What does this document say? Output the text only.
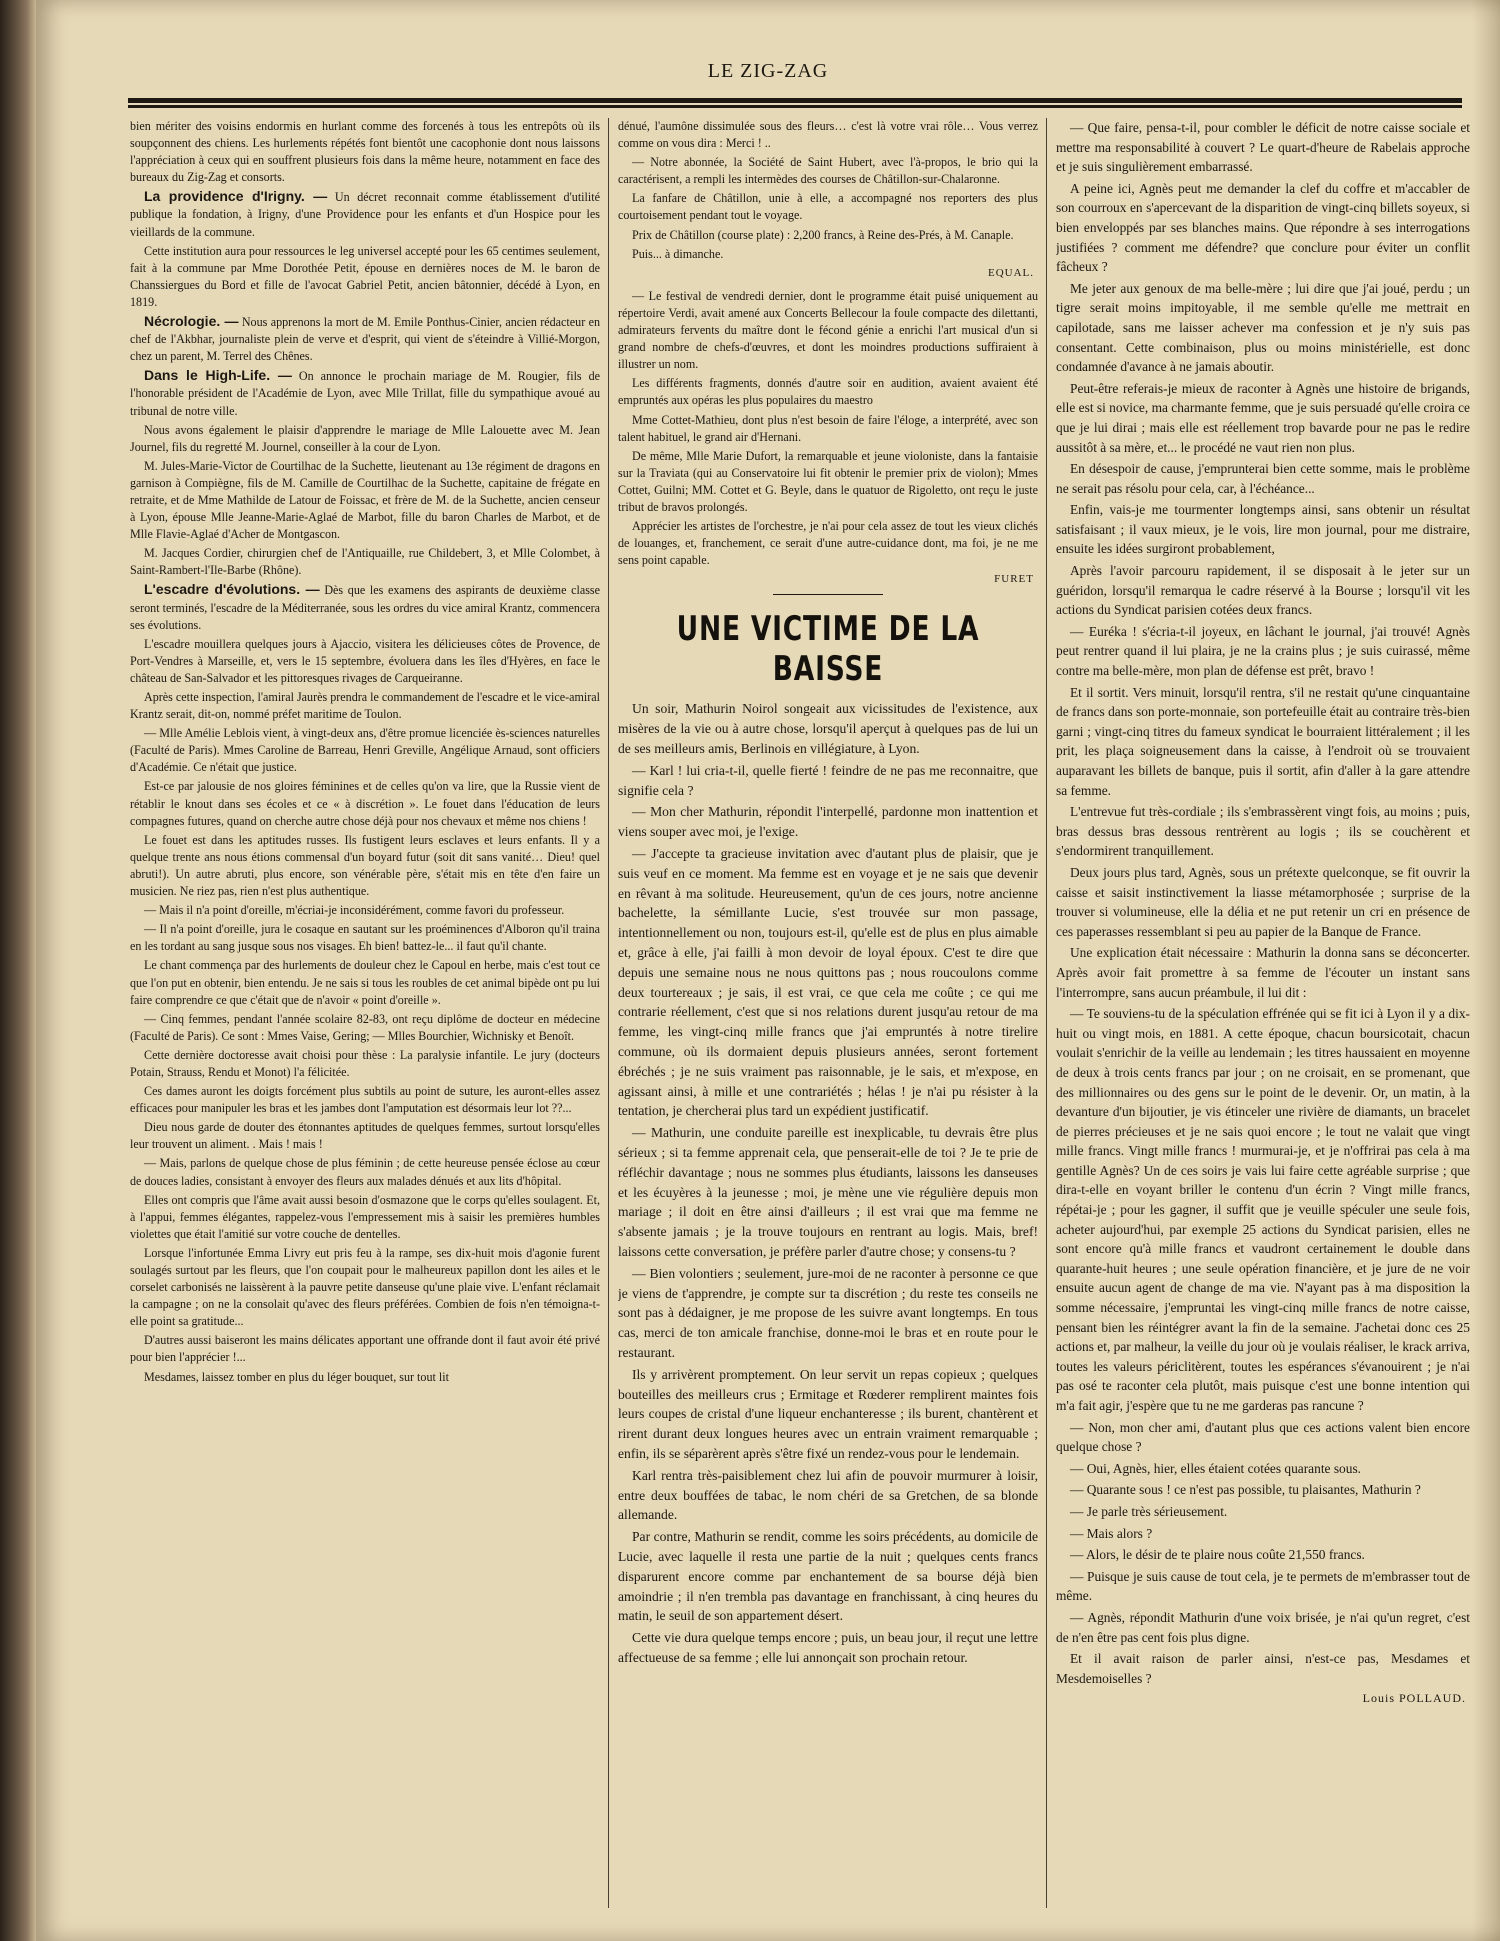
LE ZIG-ZAG

bien mériter des voisins endormis en hurlant comme des forcenés à tous les entrepôts où ils soupçonnent des chiens. Les hurlements répétés font bientôt une cacophonie dont nous laissons l'appréciation à ceux qui en souffrent plusieurs fois dans la même heure, notamment en face des bureaux du Zig-Zag et consorts.

La providence d'Irigny. — Un décret reconnait comme établissement d'utilité publique la fondation, à Irigny, d'une Providence pour les enfants et d'un Hospice pour les vieillards de la commune.

Cette institution aura pour ressources le leg universel accepté pour les 65 centimes seulement, fait à la commune par Mme Dorothée Petit, épouse en dernières noces de M. le baron de Chanssiergues du Bord et fille de l'avocat Gabriel Petit, ancien bâtonnier, décédé à Lyon, en 1819.

Nécrologie. — Nous apprenons la mort de M. Emile Ponthus-Cinier, ancien rédacteur en chef de l'Akbhar, journaliste plein de verve et d'esprit, qui vient de s'éteindre à Villié-Morgon, chez un parent, M. Terrel des Chênes.

Dans le High-Life. — On annonce le prochain mariage de M. Rougier, fils de l'honorable président de l'Académie de Lyon, avec Mlle Trillat, fille du sympathique avoué au tribunal de notre ville.

Nous avons également le plaisir d'apprendre le mariage de Mlle Lalouette avec M. Jean Journel, fils du regretté M. Journel, conseiller à la cour de Lyon.

M. Jules-Marie-Victor de Courtilhac de la Suchette, lieutenant au 13e régiment de dragons en garnison à Compiègne, fils de M. Camille de Courtilhac de la Suchette, capitaine de frégate en retraite, et de Mme Mathilde de Latour de Foissac, et frère de M. de la Suchette, ancien censeur à Lyon, épouse Mlle Jeanne-Marie-Aglaé de Marbot, fille du baron Charles de Marbot, et de Mlle Flavie-Aglaé d'Acher de Montgascon.

M. Jacques Cordier, chirurgien chef de l'Antiquaille, rue Childebert, 3, et Mlle Colombet, à Saint-Rambert-l'Ile-Barbe (Rhône).

L'escadre d'évolutions. — Dès que les examens des aspirants de deuxième classe seront terminés, l'escadre de la Méditerranée, sous les ordres du vice amiral Krantz, commencera ses évolutions.

L'escadre mouillera quelques jours à Ajaccio, visitera les délicieuses côtes de Provence, de Port-Vendres à Marseille, et, vers le 15 septembre, évoluera dans les îles d'Hyères, en face le château de San-Salvador et les pittoresques rivages de Carqueiranne.

Après cette inspection, l'amiral Jaurès prendra le commandement de l'escadre et le vice-amiral Krantz serait, dit-on, nommé préfet maritime de Toulon.

— Mlle Amélie Leblois vient, à vingt-deux ans, d'être promue licenciée ès-sciences naturelles (Faculté de Paris). Mmes Caroline de Barreau, Henri Greville, Angélique Arnaud, sont officiers d'Académie. Ce n'était que justice.

Est-ce par jalousie de nos gloires féminines et de celles qu'on va lire, que la Russie vient de rétablir le knout dans ses écoles et ce « à discrétion ». Le fouet dans l'éducation de leurs compagnes futures, quand on cherche autre chose déjà pour nos chevaux et même nos chiens !

Le fouet est dans les aptitudes russes. Ils fustigent leurs esclaves et leurs enfants. Il y a quelque trente ans nous étions commensal d'un boyard futur (soit dit sans vanité… Dieu! quel abruti!). Un autre abruti, plus encore, son vénérable père, s'était mis en tête d'en faire un musicien. Ne riez pas, rien n'est plus authentique.

— Mais il n'a point d'oreille, m'écriai-je inconsidérément, comme favori du professeur.

— Il n'a point d'oreille, jura le cosaque en sautant sur les proéminences d'Alboron qu'il traina en les tordant au sang jusque sous nos visages. Eh bien! battez-le... il faut qu'il chante.

Le chant commença par des hurlements de douleur chez le Capoul en herbe, mais c'est tout ce que l'on put en obtenir, bien entendu. Je ne sais si tous les roubles de cet animal bipède ont pu lui faire comprendre ce que c'était que de n'avoir « point d'oreille ».

— Cinq femmes, pendant l'année scolaire 82-83, ont reçu diplôme de docteur en médecine (Faculté de Paris). Ce sont : Mmes Vaise, Gering; — Mlles Bourchier, Wichnisky et Benoît.

Cette dernière doctoresse avait choisi pour thèse : La paralysie infantile. Le jury (docteurs Potain, Strauss, Rendu et Monot) l'a félicitée.

Ces dames auront les doigts forcément plus subtils au point de suture, les auront-elles assez efficaces pour manipuler les bras et les jambes dont l'amputation est désormais leur lot ??...

Dieu nous garde de douter des étonnantes aptitudes de quelques femmes, surtout lorsqu'elles leur trouvent un aliment. . Mais ! mais !

— Mais, parlons de quelque chose de plus féminin ; de cette heureuse pensée éclose au cœur de douces ladies, consistant à envoyer des fleurs aux malades dénués et aux lits d'hôpital.

Elles ont compris que l'âme avait aussi besoin d'osmazone que le corps qu'elles soulagent. Et, à l'appui, femmes élégantes, rappelez-vous l'empressement mis à saisir les premières humbles violettes que était l'amitié sur votre couche de dentelles.

Lorsque l'infortunée Emma Livry eut pris feu à la rampe, ses dix-huit mois d'agonie furent soulagés surtout par les fleurs, que l'on coupait pour le malheureux papillon dont les ailes et le corselet carbonisés ne laissèrent à la pauvre petite danseuse qu'une plaie vive. L'enfant réclamait la campagne ; on ne la consolait qu'avec des fleurs préférées. Combien de fois n'en témoigna-t-elle point sa gratitude...

D'autres aussi baiseront les mains délicates apportant une offrande dont il faut avoir été privé pour bien l'apprécier !...

Mesdames, laissez tomber en plus du léger bouquet, sur tout lit

dénué, l'aumône dissimulée sous des fleurs… c'est là votre vrai rôle… Vous verrez comme on vous dira : Merci ! ..

— Notre abonnée, la Société de Saint Hubert, avec l'à-propos, le brio qui la caractérisent, a rempli les intermèdes des courses de Châtillon-sur-Chalaronne.

La fanfare de Châtillon, unie à elle, a accompagné nos reporters des plus courtoisement pendant tout le voyage.

Prix de Châtillon (course plate) : 2,200 francs, à Reine des-Prés, à M. Canaple.

Puis... à dimanche.

EQUAL.

— Le festival de vendredi dernier, dont le programme était puisé uniquement au répertoire Verdi, avait amené aux Concerts Bellecour la foule compacte des dilettanti, admirateurs fervents du maître dont le fécond génie a enrichi l'art musical d'un si grand nombre de chefs-d'œuvres, et dont les moindres productions suffiraient à illustrer un nom.

Les différents fragments, donnés d'autre soir en audition, avaient avaient été empruntés aux opéras les plus populaires du maestro

Mme Cottet-Mathieu, dont plus n'est besoin de faire l'éloge, a interprété, avec son talent habituel, le grand air d'Hernani.

De même, Mlle Marie Dufort, la remarquable et jeune violoniste, dans la fantaisie sur la Traviata (qui au Conservatoire lui fit obtenir le premier prix de violon); Mmes Cottet, Guilni; MM. Cottet et G. Beyle, dans le quatuor de Rigoletto, ont reçu le juste tribut de bravos prolongés.

Apprécier les artistes de l'orchestre, je n'ai pour cela assez de tout les vieux clichés de louanges, et, franchement, ce serait d'une autre-cuidance dont, ma foi, je ne me sens point capable.

FURET
UNE VICTIME DE LA BAISSE

Un soir, Mathurin Noirol songeait aux vicissitudes de l'existence, aux misères de la vie ou à autre chose, lorsqu'il aperçut à quelques pas de lui un de ses meilleurs amis, Berlinois en villégiature, à Lyon.

— Karl ! lui cria-t-il, quelle fierté ! feindre de ne pas me reconnaitre, que signifie cela ?

— Mon cher Mathurin, répondit l'interpellé, pardonne mon inattention et viens souper avec moi, je l'exige.

— J'accepte ta gracieuse invitation avec d'autant plus de plaisir, que je suis veuf en ce moment. Ma femme est en voyage et je ne sais que devenir en rêvant à ma solitude. Heureusement, qu'un de ces jours, notre ancienne bachelette, la sémillante Lucie, s'est trouvée sur mon passage, intentionnellement ou non, toujours est-il, qu'elle est de plus en plus aimable et, grâce à elle, j'ai failli à mon devoir de loyal époux. C'est te dire que depuis une semaine nous ne nous quittons pas ; nous roucoulons comme deux tourtereaux ; je sais, il est vrai, ce que cela me coûte ; ce qui me contrarie réellement, c'est que si nos relations durent jusqu'au retour de ma femme, les vingt-cinq mille francs que j'ai empruntés à notre tirelire commune, où ils dormaient depuis plusieurs années, seront fortement ébréchés ; je ne suis vraiment pas raisonnable, je le sais, et m'expose, en agissant ainsi, à mille et une contrariétés ; hélas ! je n'ai pu résister à la tentation, je chercherai plus tard un expédient justificatif.

— Mathurin, une conduite pareille est inexplicable, tu devrais être plus sérieux ; si ta femme apprenait cela, que penserait-elle de toi ? Je te prie de réfléchir davantage ; nous ne sommes plus étudiants, laissons les danseuses et les écuyères à la jeunesse ; moi, je mène une vie régulière depuis mon mariage ; il doit en être ainsi d'ailleurs ; il est vrai que ma femme ne s'absente jamais ; je la trouve toujours en rentrant au logis. Mais, bref! laissons cette conversation, je préfère parler d'autre chose; y consens-tu ?

— Bien volontiers ; seulement, jure-moi de ne raconter à personne ce que je viens de t'apprendre, je compte sur ta discrétion ; du reste tes conseils ne sont pas à dédaigner, je me propose de les suivre avant longtemps. En tous cas, merci de ton amicale franchise, donne-moi le bras et en route pour le restaurant.

Ils y arrivèrent promptement. On leur servit un repas copieux ; quelques bouteilles des meilleurs crus ; Ermitage et Rœderer remplirent maintes fois leurs coupes de cristal d'une liqueur enchanteresse ; ils burent, chantèrent et rirent durant deux longues heures avec un entrain vraiment remarquable ; enfin, ils se séparèrent après s'être fixé un rendez-vous pour le lendemain.

Karl rentra très-paisiblement chez lui afin de pouvoir murmurer à loisir, entre deux bouffées de tabac, le nom chéri de sa Gretchen, de sa blonde allemande.

Par contre, Mathurin se rendit, comme les soirs précédents, au domicile de Lucie, avec laquelle il resta une partie de la nuit ; quelques cents francs disparurent encore comme par enchantement de sa bourse déjà bien amoindrie ; il n'en trembla pas davantage en franchissant, à cinq heures du matin, le seuil de son appartement désert.

Cette vie dura quelque temps encore ; puis, un beau jour, il reçut une lettre affectueuse de sa femme ; elle lui annonçait son prochain retour.

— Que faire, pensa-t-il, pour combler le déficit de notre caisse sociale et mettre ma responsabilité à couvert ? Le quart-d'heure de Rabelais approche et je suis singulièrement embarrassé.

A peine ici, Agnès peut me demander la clef du coffre et m'accabler de son courroux en s'apercevant de la disparition de vingt-cinq billets soyeux, si bien enveloppés par ses blanches mains. Que répondre à ses interrogations justifiées ? comment me défendre? que conclure pour éviter un conflit fâcheux ?

Me jeter aux genoux de ma belle-mère ; lui dire que j'ai joué, perdu ; un tigre serait moins impitoyable, il me semble qu'elle me mettrait en capilotade, sans me laisser achever ma confession et je n'y suis pas consentant. Cette combinaison, plus ou moins ministérielle, est donc condamnée d'avance à ne jamais aboutir.

Peut-être referais-je mieux de raconter à Agnès une histoire de brigands, elle est si novice, ma charmante femme, que je suis persuadé qu'elle croira ce que je lui dirai ; mais elle est réellement trop bavarde pour ne pas le redire aussitôt à sa mère, et... le procédé ne vaut rien non plus.

En désespoir de cause, j'emprunterai bien cette somme, mais le problème ne serait pas résolu pour cela, car, à l'échéance...

Enfin, vais-je me tourmenter longtemps ainsi, sans obtenir un résultat satisfaisant ; il vaux mieux, je le vois, lire mon journal, pour me distraire, ensuite les idées surgiront probablement,

Après l'avoir parcouru rapidement, il se disposait à le jeter sur un guéridon, lorsqu'il remarqua le cadre réservé à la Bourse ; lorsqu'il vit les actions du Syndicat parisien cotées deux francs.

— Euréka ! s'écria-t-il joyeux, en lâchant le journal, j'ai trouvé! Agnès peut rentrer quand il lui plaira, je ne la crains plus ; je suis cuirassé, même contre ma belle-mère, mon plan de défense est prêt, bravo !

Et il sortit. Vers minuit, lorsqu'il rentra, s'il ne restait qu'une cinquantaine de francs dans son porte-monnaie, son portefeuille était au contraire très-bien garni ; vingt-cinq titres du fameux syndicat le bourraient littéralement ; il les prit, les plaça soigneusement dans la caisse, à l'endroit où se trouvaient auparavant les billets de banque, puis il sortit, afin d'aller à la gare attendre sa femme.

L'entrevue fut très-cordiale ; ils s'embrassèrent vingt fois, au moins ; puis, bras dessus bras dessous rentrèrent au logis ; ils se couchèrent et s'endormirent tranquillement.

Deux jours plus tard, Agnès, sous un prétexte quelconque, se fit ouvrir la caisse et saisit instinctivement la liasse métamorphosée ; surprise de la trouver si volumineuse, elle la délia et ne put retenir un cri en présence de ces paperasses ressemblant si peu au papier de la Banque de France.

Une explication était nécessaire : Mathurin la donna sans se déconcerter. Après avoir fait promettre à sa femme de l'écouter un instant sans l'interrompre, sans aucun préambule, il lui dit :

— Te souviens-tu de la spéculation effrénée qui se fit ici à Lyon il y a dix-huit ou vingt mois, en 1881. A cette époque, chacun boursicotait, chacun voulait s'enrichir de la veille au lendemain ; les titres haussaient en moyenne de deux à trois cents francs par jour ; on ne croisait, en se promenant, que des millionnaires ou des gens sur le point de le devenir. Or, un matin, à la devanture d'un bijoutier, je vis étinceler une rivière de diamants, un bracelet de pierres précieuses et je ne sais quoi encore ; le tout ne valait que vingt mille francs. Vingt mille francs ! murmurai-je, et je n'offrirai pas cela à ma gentille Agnès? Un de ces soirs je vais lui faire cette agréable surprise ; que dira-t-elle en voyant briller le contenu d'un écrin ? Vingt mille francs, répétai-je ; pour les gagner, il suffit que je veuille spéculer une seule fois, acheter aujourd'hui, par exemple 25 actions du Syndicat parisien, elles ne sont encore qu'à mille francs et vaudront certainement le double dans quarante-huit heures ; une seule opération financière, et je jure de ne voir ensuite aucun agent de change de ma vie. N'ayant pas à ma disposition la somme nécessaire, j'empruntai les vingt-cinq mille francs de notre caisse, pensant bien les réintégrer avant la fin de la semaine. J'achetai donc ces 25 actions et, par malheur, la veille du jour où je voulais réaliser, le krack arriva, toutes les valeurs périclitèrent, toutes les espérances s'évanouirent ; je n'ai pas osé te raconter cela plutôt, mais puisque c'est une bonne intention qui m'a fait agir, j'espère que tu ne me garderas pas rancune ?

— Non, mon cher ami, d'autant plus que ces actions valent bien encore quelque chose ?

— Oui, Agnès, hier, elles étaient cotées quarante sous.

— Quarante sous ! ce n'est pas possible, tu plaisantes, Mathurin ?

— Je parle très sérieusement.

— Mais alors ?

— Alors, le désir de te plaire nous coûte 21,550 francs.

— Puisque je suis cause de tout cela, je te permets de m'embrasser tout de même.

— Agnès, répondit Mathurin d'une voix brisée, je n'ai qu'un regret, c'est de n'en être pas cent fois plus digne.

Et il avait raison de parler ainsi, n'est-ce pas, Mesdames et Mesdemoiselles ?

Louis POLLAUD.
